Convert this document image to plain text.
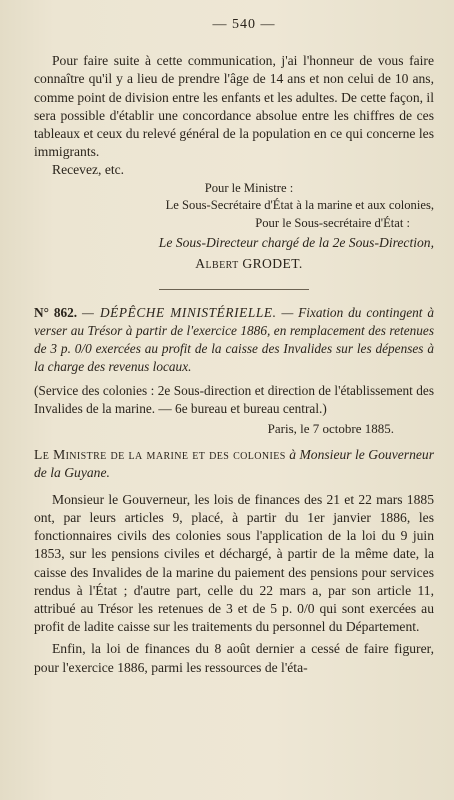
— 540 —

Pour faire suite à cette communication, j'ai l'honneur de vous faire connaître qu'il y a lieu de prendre l'âge de 14 ans et non celui de 10 ans, comme point de division entre les enfants et les adultes. De cette façon, il sera possible d'établir une concordance absolue entre les chiffres de ces tableaux et ceux du relevé général de la population en ce qui concerne les immigrants.

Recevez, etc.

Pour le Ministre :

Le Sous-Secrétaire d'État à la marine et aux colonies,

Pour le Sous-secrétaire d'État :

Le Sous-Directeur chargé de la 2e Sous-Direction,

Albert GRODET.

N° 862. — DÉPÊCHE MINISTÉRIELLE. — Fixation du contingent à verser au Trésor à partir de l'exercice 1886, en remplacement des retenues de 3 p. 0/0 exercées au profit de la caisse des Invalides sur les dépenses à la charge des revenus locaux.

(Service des colonies : 2e Sous-direction et direction de l'établissement des Invalides de la marine. — 6e bureau et bureau central.)

Paris, le 7 octobre 1885.

Le Ministre de la marine et des colonies à Monsieur le Gouverneur de la Guyane.

Monsieur le Gouverneur, les lois de finances des 21 et 22 mars 1885 ont, par leurs articles 9, placé, à partir du 1er janvier 1886, les fonctionnaires civils des colonies sous l'application de la loi du 9 juin 1853, sur les pensions civiles et déchargé, à partir de la même date, la caisse des Invalides de la marine du paiement des pensions pour services rendus à l'État ; d'autre part, celle du 22 mars a, par son article 11, attribué au Trésor les retenues de 3 et de 5 p. 0/0 qui sont exercées au profit de ladite caisse sur les traitements du personnel du Département.

Enfin, la loi de finances du 8 août dernier a cessé de faire figurer, pour l'exercice 1886, parmi les ressources de l'éta-
